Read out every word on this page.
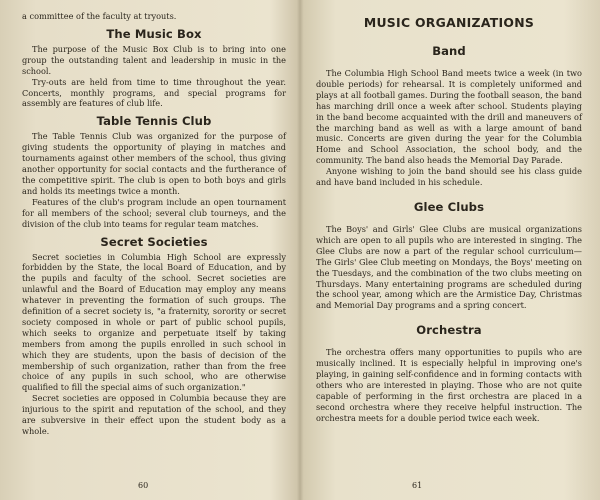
a committee of the faculty at tryouts.

The Music Box

The purpose of the Music Box Club is to bring into one group the outstanding talent and leadership in music in the school.

Try-outs are held from time to time throughout the year. Concerts, monthly programs, and special programs for assembly are features of club life.

Table Tennis Club

The Table Tennis Club was organized for the purpose of giving students the opportunity of playing in matches and tournaments against other members of the school, thus giving another opportunity for social contacts and the furtherance of the competitive spirit. The club is open to both boys and girls and holds its meetings twice a month.

Features of the club's program include an open tournament for all members of the school; several club tourneys, and the division of the club into teams for regular team matches.

Secret Societies

Secret societies in Columbia High School are expressly forbidden by the State, the local Board of Education, and by the pupils and faculty of the school. Secret societies are unlawful and the Board of Education may employ any means whatever in preventing the formation of such groups. The definition of a secret society is, "a fraternity, sorority or secret society composed in whole or part of public school pupils, which seeks to organize and perpetuate itself by taking members from among the pupils enrolled in such school in which they are students, upon the basis of decision of the membership of such organization, rather than from the free choice of any pupils in such school, who are otherwise qualified to fill the special aims of such organization."

Secret societies are opposed in Columbia because they are injurious to the spirit and reputation of the school, and they are subversive in their effect upon the student body as a whole.

60
MUSIC ORGANIZATIONS
Band

The Columbia High School Band meets twice a week (in two double periods) for rehearsal. It is completely uniformed and plays at all football games. During the football season, the band has marching drill once a week after school. Students playing in the band become acquainted with the drill and maneuvers of the marching band as well as with a large amount of band music. Concerts are given during the year for the Columbia Home and School Association, the school body, and the community. The band also heads the Memorial Day Parade.

Anyone wishing to join the band should see his class guide and have band included in his schedule.

Glee Clubs

The Boys' and Girls' Glee Clubs are musical organizations which are open to all pupils who are interested in singing. The Glee Clubs are now a part of the regular school curriculum—The Girls' Glee Club meeting on Mondays, the Boys' meeting on the Tuesdays, and the combination of the two clubs meeting on Thursdays. Many entertaining programs are scheduled during the school year, among which are the Armistice Day, Christmas and Memorial Day programs and a spring concert.

Orchestra

The orchestra offers many opportunities to pupils who are musically inclined. It is especially helpful in improving one's playing, in gaining self-confidence and in forming contacts with others who are interested in playing. Those who are not quite capable of performing in the first orchestra are placed in a second orchestra where they receive helpful instruction. The orchestra meets for a double period twice each week.

61
